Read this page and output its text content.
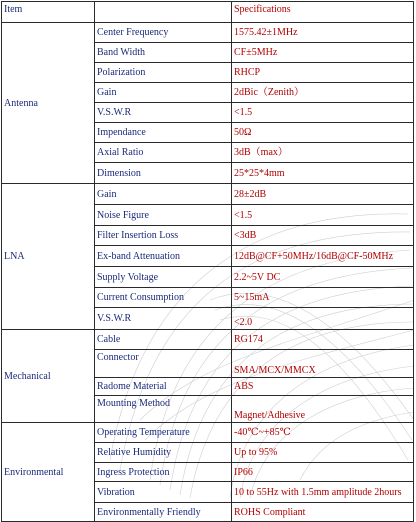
Item		Specifications
Antenna	Center Frequency	1575.42±1MHz
	Band Width	CF±5MHz
	Polarization	RHCP
	Gain	2dBic（Zenith）
	V.S.W.R	<1.5
	Impendance	50Ω
	Axial Ratio	3dB（max）
	Dimension	25*25*4mm
LNA	Gain	28±2dB
	Noise Figure	<1.5
	Filter Insertion Loss	<3dB
	Ex-band Attenuation	12dB@CF+50MHz/16dB@CF-50MHz
	Supply Voltage	2.2~5V DC
	Current Consumption	5~15mA
	V.S.W.R	<2.0
Mechanical	Cable	RG174
	Connector	SMA/MCX/MMCX
	Radome Material	ABS
	Mounting Method	Magnet/Adhesive
Environmental	Operating Temperature	-40℃~+85℃
	Relative Humidity	Up to 95%
	Ingress Protection	IP66
	Vibration	10 to 55Hz with 1.5mm amplitude 2hours
	Environmentally Friendly	ROHS Compliant
